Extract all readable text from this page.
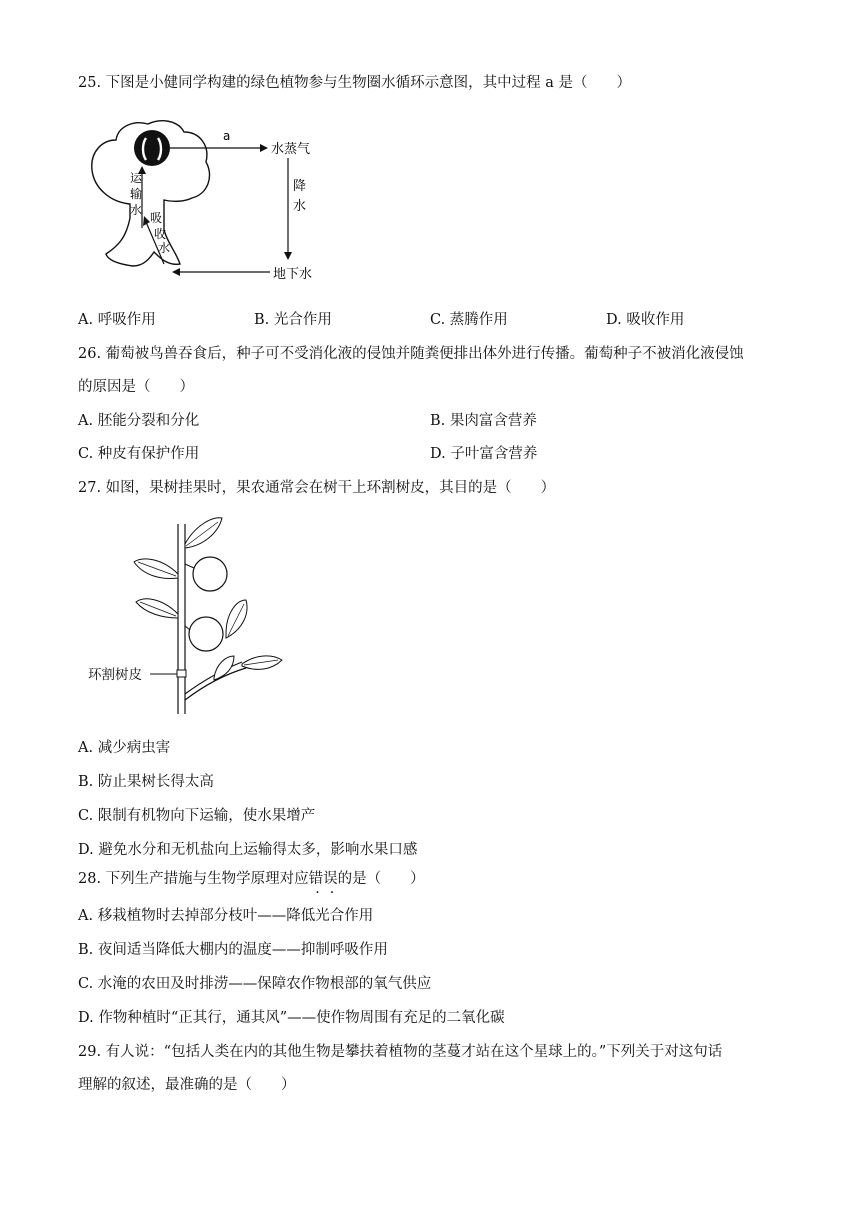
25. 下图是小健同学构建的绿色植物参与生物圈水循环示意图，其中过程 a 是（　　）
a
水蒸气
降
水
地下水
运
输
水
吸
收
水
A. 呼吸作用	B. 光合作用	C. 蒸腾作用	D. 吸收作用
26. 葡萄被鸟兽吞食后，种子可不受消化液的侵蚀并随粪便排出体外进行传播。葡萄种子不被消化液侵蚀
的原因是（　　）
A. 胚能分裂和分化	B. 果肉富含营养
C. 种皮有保护作用	D. 子叶富含营养
27. 如图，果树挂果时，果农通常会在树干上环割树皮，其目的是（　　）
环割树皮
A. 减少病虫害
B. 防止果树长得太高
C. 限制有机物向下运输，使水果增产
D. 避免水分和无机盐向上运输得太多，影响水果口感
28. 下列生产措施与生物学原理对应错误的是（　　）
A. 移栽植物时去掉部分枝叶——降低光合作用
B. 夜间适当降低大棚内的温度——抑制呼吸作用
C. 水淹的农田及时排涝——保障农作物根部的氧气供应
D. 作物种植时“正其行，通其风”——使作物周围有充足的二氧化碳
29. 有人说：“包括人类在内的其他生物是攀扶着植物的茎蔓才站在这个星球上的。”下列关于对这句话
理解的叙述，最准确的是（　　）
